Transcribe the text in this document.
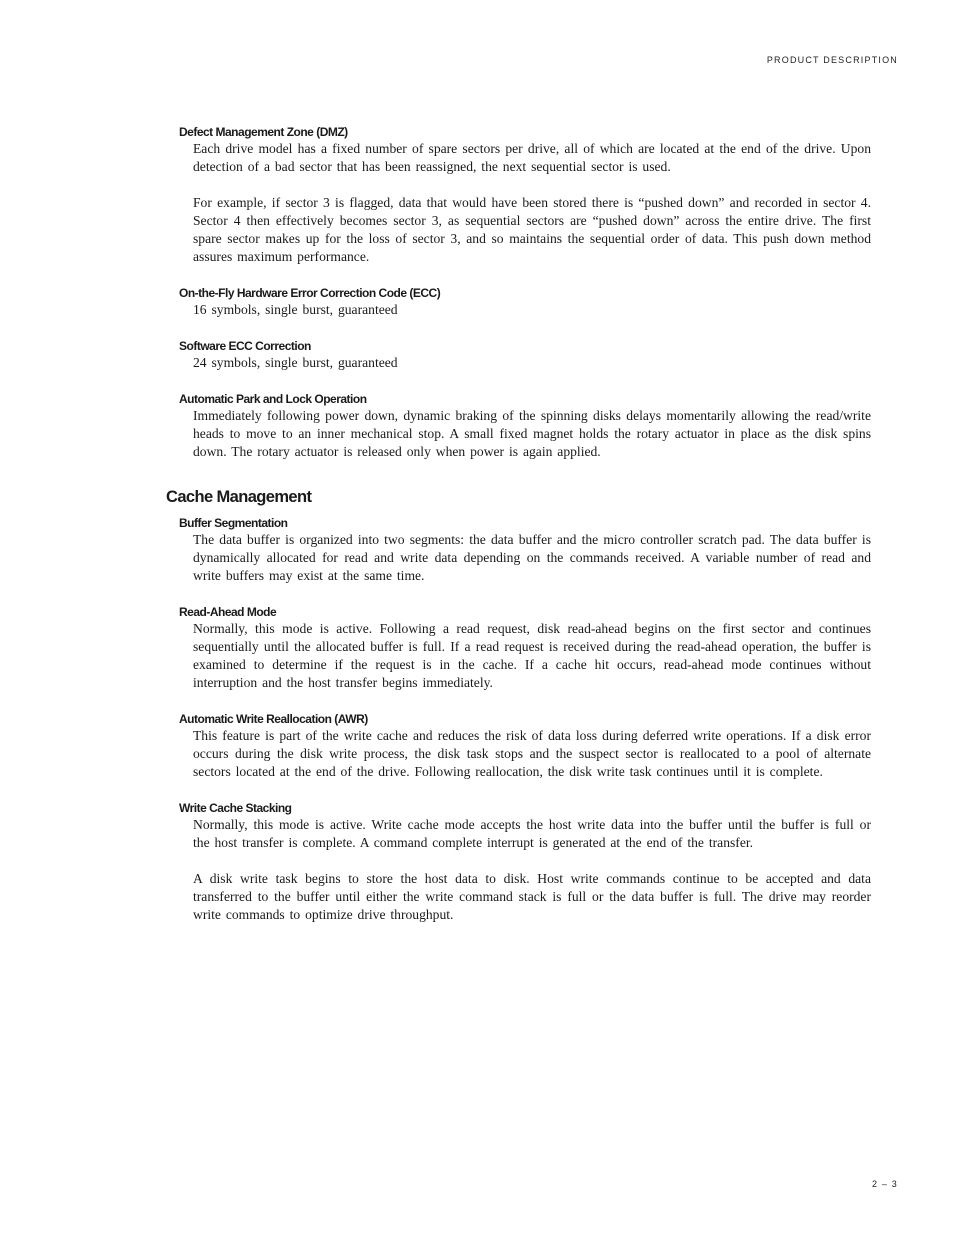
PRODUCT DESCRIPTION
Defect Management Zone (DMZ)

Each drive model has a fixed number of spare sectors per drive, all of which are located at the end of the drive. Upon detection of a bad sector that has been reassigned, the next sequential sector is used.

For example, if sector 3 is flagged, data that would have been stored there is “pushed down” and recorded in sector 4. Sector 4 then effectively becomes sector 3, as sequential sectors are “pushed down” across the entire drive. The first spare sector makes up for the loss of sector 3, and so maintains the sequential order of data. This push down method assures maximum performance.

On-the-Fly Hardware Error Correction Code (ECC)

16 symbols, single burst, guaranteed

Software ECC Correction

24 symbols, single burst, guaranteed

Automatic Park and Lock Operation

Immediately following power down, dynamic braking of the spinning disks delays momentarily allowing the read/write heads to move to an inner mechanical stop. A small fixed magnet holds the rotary actuator in place as the disk spins down. The rotary actuator is released only when power is again applied.

Cache Management
Buffer Segmentation

The data buffer is organized into two segments: the data buffer and the micro controller scratch pad. The data buffer is dynamically allocated for read and write data depending on the commands received. A variable number of read and write buffers may exist at the same time.

Read-Ahead Mode

Normally, this mode is active. Following a read request, disk read-ahead begins on the first sector and continues sequentially until the allocated buffer is full. If a read request is received during the read-ahead operation, the buffer is examined to determine if the request is in the cache. If a cache hit occurs, read-ahead mode continues without interruption and the host transfer begins immediately.

Automatic Write Reallocation (AWR)

This feature is part of the write cache and reduces the risk of data loss during deferred write operations. If a disk error occurs during the disk write process, the disk task stops and the suspect sector is reallocated to a pool of alternate sectors located at the end of the drive. Following reallocation, the disk write task continues until it is complete.

Write Cache Stacking

Normally, this mode is active. Write cache mode accepts the host write data into the buffer until the buffer is full or the host transfer is complete. A command complete interrupt is generated at the end of the transfer.

A disk write task begins to store the host data to disk. Host write commands continue to be accepted and data transferred to the buffer until either the write command stack is full or the data buffer is full. The drive may reorder write commands to optimize drive throughput.

2 – 3
